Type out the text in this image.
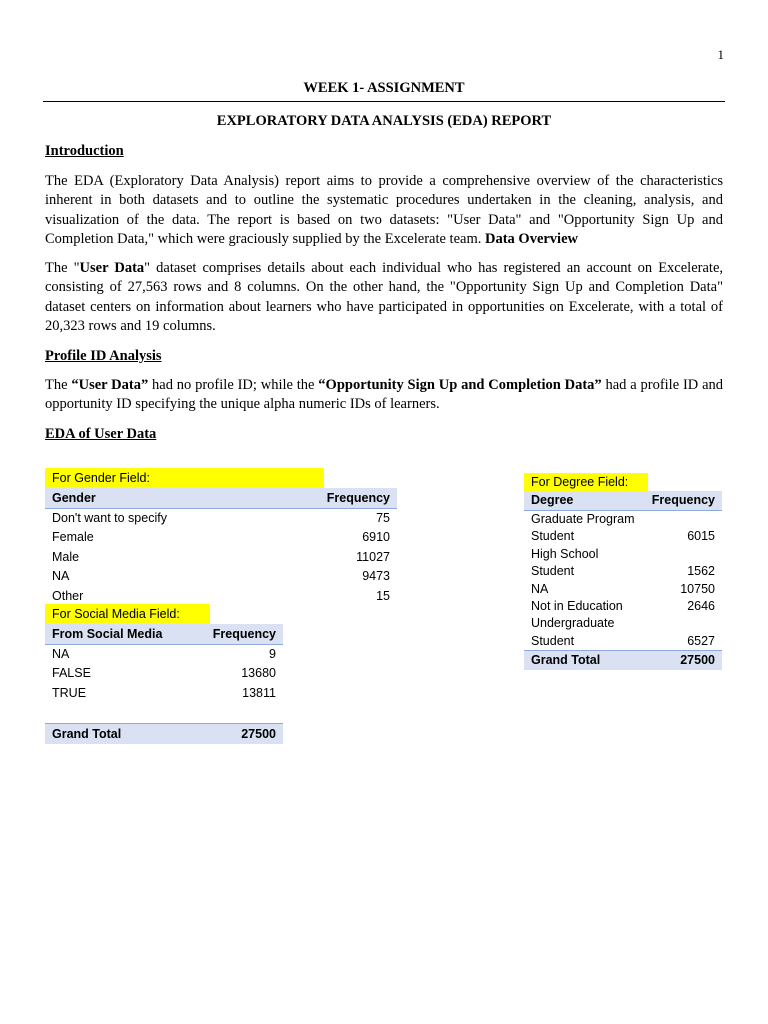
1
WEEK 1- ASSIGNMENT
EXPLORATORY DATA ANALYSIS (EDA) REPORT
Introduction
The EDA (Exploratory Data Analysis) report aims to provide a comprehensive overview of the characteristics inherent in both datasets and to outline the systematic procedures undertaken in the cleaning, analysis, and visualization of the data. The report is based on two datasets: "User Data" and "Opportunity Sign Up and Completion Data," which were graciously supplied by the Excelerate team. Data Overview
The "User Data" dataset comprises details about each individual who has registered an account on Excelerate, consisting of 27,563 rows and 8 columns. On the other hand, the "Opportunity Sign Up and Completion Data" dataset centers on information about learners who have participated in opportunities on Excelerate, with a total of 20,323 rows and 19 columns.
Profile ID Analysis
The “User Data” had no profile ID; while the “Opportunity Sign Up and Completion Data” had a profile ID and opportunity ID specifying the unique alpha numeric IDs of learners.
EDA of User Data
For Gender Field:
Gender	Frequency
Don't want to specify	75
Female	6910
Male	11027
NA	9473
Other	15
For Social Media Field:
From Social Media	Frequency
NA	9
FALSE	13680
TRUE	13811
Grand Total	27500
For Degree Field:
Degree	Frequency
Graduate Program
Student	6015
High School
Student	1562
NA	10750
Not in Education	2646
Undergraduate
Student	6527
Grand Total	27500
